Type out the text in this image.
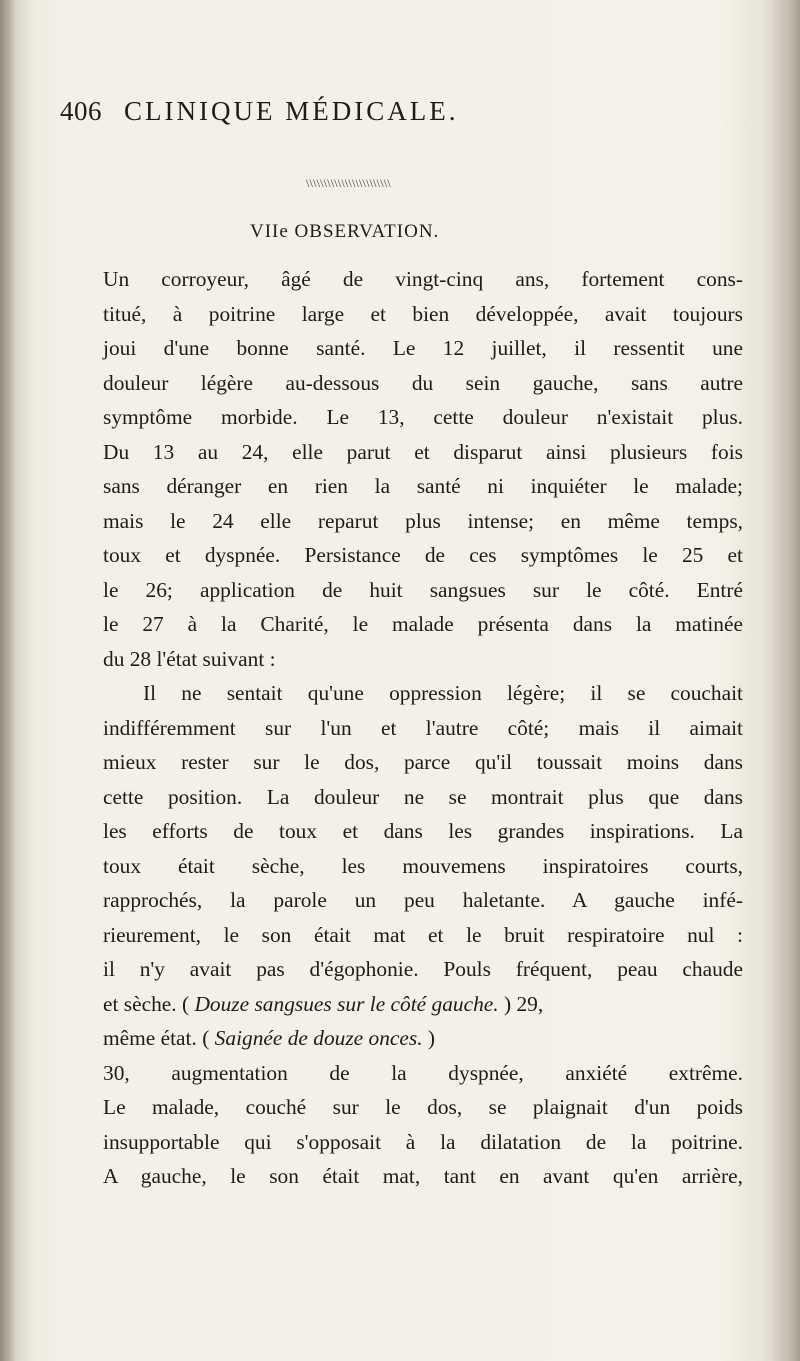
406 CLINIQUE MÉDICALE.
\\\\\\\\\\\\\\\\\\\\\\\\
VIIe OBSERVATION.
Un corroyeur, âgé de vingt-cinq ans, fortement cons-
titué, à poitrine large et bien développée, avait toujours
joui d'une bonne santé. Le 12 juillet, il ressentit une
douleur légère au-dessous du sein gauche, sans autre
symptôme morbide. Le 13, cette douleur n'existait plus.
Du 13 au 24, elle parut et disparut ainsi plusieurs fois
sans déranger en rien la santé ni inquiéter le malade;
mais le 24 elle reparut plus intense; en même temps,
toux et dyspnée. Persistance de ces symptômes le 25 et
le 26; application de huit sangsues sur le côté. Entré
le 27 à la Charité, le malade présenta dans la matinée
du 28 l'état suivant :
Il ne sentait qu'une oppression légère; il se couchait
indifféremment sur l'un et l'autre côté; mais il aimait
mieux rester sur le dos, parce qu'il toussait moins dans
cette position. La douleur ne se montrait plus que dans
les efforts de toux et dans les grandes inspirations. La
toux était sèche, les mouvemens inspiratoires courts,
rapprochés, la parole un peu haletante. A gauche infé-
rieurement, le son était mat et le bruit respiratoire nul :
il n'y avait pas d'égophonie. Pouls fréquent, peau chaude
et sèche. ( Douze sangsues sur le côté gauche. ) 29,
même état. ( Saignée de douze onces. )
30, augmentation de la dyspnée, anxiété extrême.
Le malade, couché sur le dos, se plaignait d'un poids
insupportable qui s'opposait à la dilatation de la poitrine.
A gauche, le son était mat, tant en avant qu'en arrière,
